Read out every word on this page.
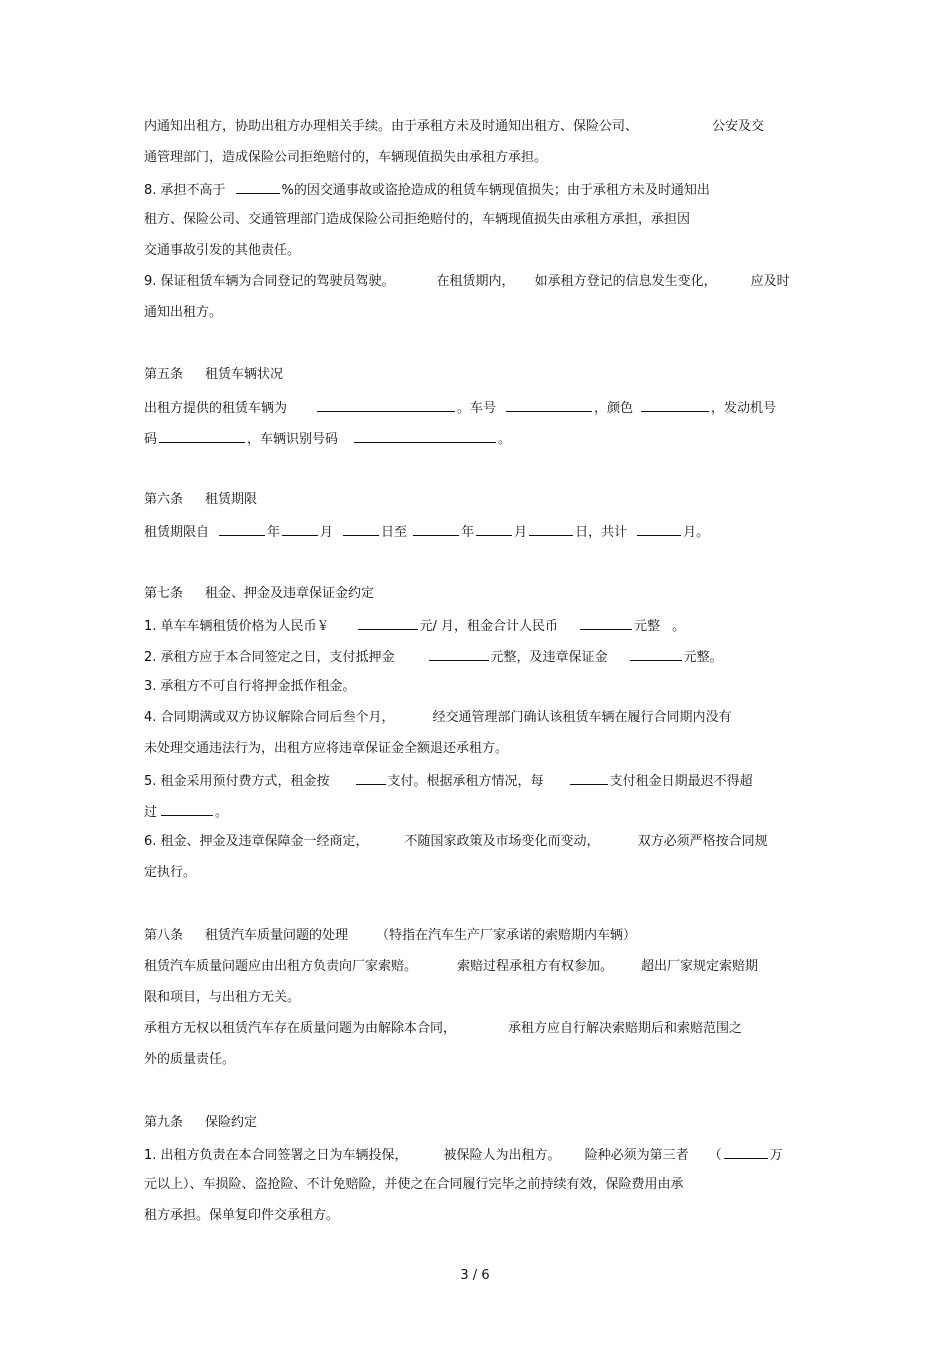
内通知出租方，协助出租方办理相关手续。由于承租方未及时通知出租方、保险公司、	公安及交
通管理部门，造成保险公司拒绝赔付的，车辆现值损失由承租方承担。
8. 承担不高于	%的因交通事故或盗抢造成的租赁车辆现值损失；由于承租方未及时通知出
租方、保险公司、交通管理部门造成保险公司拒绝赔付的，车辆现值损失由承租方承担，承担因
交通事故引发的其他责任。
9. 保证租赁车辆为合同登记的驾驶员驾驶。	在租赁期内， 如承租方登记的信息发生变化，	应及时
通知出租方。
第五条 租赁车辆状况
出租方提供的租赁车辆为	。车号	，颜色	，发动机号
码	，车辆识别号码	。
第六条 租赁期限
租赁期限自	年	月	日至	年	月	日，共计	月。
第七条 租金、押金及违章保证金约定
1. 单车车辆租赁价格为人民币￥	元/ 月，租金合计人民币	元整 。
2. 承租方应于本合同签定之日，支付抵押金	元整，及违章保证金	元整。
3. 承租方不可自行将押金抵作租金。
4. 合同期满或双方协议解除合同后叁个月，	经交通管理部门确认该租赁车辆在履行合同期内没有
未处理交通违法行为，出租方应将违章保证金全额退还承租方。
5. 租金采用预付费方式，租金按	支付。根据承租方情况，每	支付租金日期最迟不得超
过	。
6. 租金、押金及违章保障金一经商定，	不随国家政策及市场变化而变动，	双方必须严格按合同规
定执行。
第八条 租赁汽车质量问题的处理 （特指在汽车生产厂家承诺的索赔期内车辆）
租赁汽车质量问题应由出租方负责向厂家索赔。	索赔过程承租方有权参加。 超出厂家规定索赔期
限和项目，与出租方无关。
承租方无权以租赁汽车存在质量问题为由解除本合同，	承租方应自行解决索赔期后和索赔范围之
外的质量责任。
第九条 保险约定
1. 出租方负责在本合同签署之日为车辆投保，	被保险人为出租方。 险种必须为第三者 （	万
元以上）、车损险、盗抢险、不计免赔险，并使之在合同履行完毕之前持续有效，保险费用由承
租方承担。保单复印件交承租方。
3 / 6
